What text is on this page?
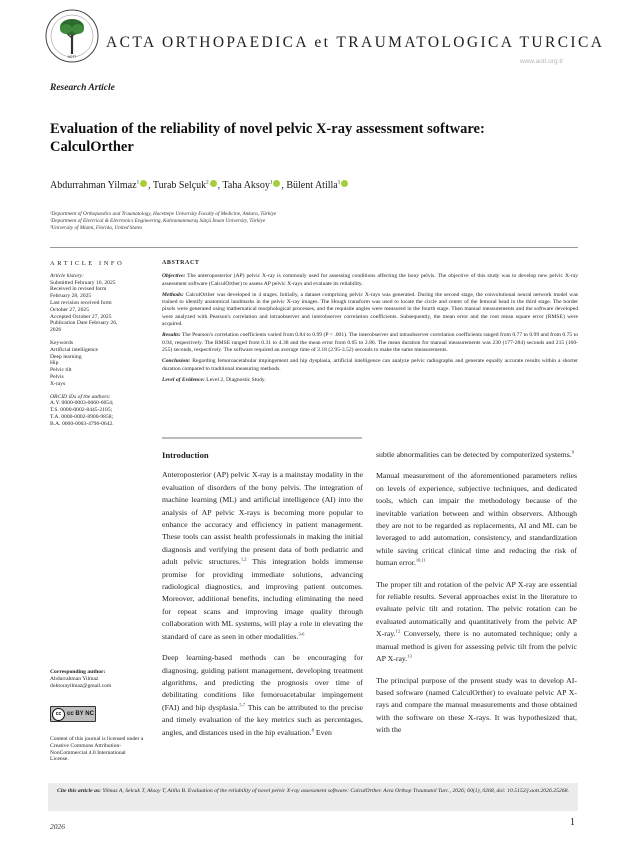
AOTT
ACTA ORTHOPAEDICA et TRAUMATOLOGICA TURCICA
www.aott.org.tr
Research Article
Evaluation of the reliability of novel pelvic X-ray assessment software: CalculOrther
Abdurrahman Yilmaz$^1$ , Turab Selçuk$^2$ , Taha Aksoy$^1$ , Bülent Atilla$^1$
¹Department of Orthopaedics and Traumatology, Hacettepe University Faculty of Medicine, Ankara, Türkiye
²Department of Electrical & Electronics Engineering, Kahramanmaraş Sütçü İmam University, Türkiye
³University of Miami, Florida, United States
ARTICLE INFO
Article history:
Submitted February 16, 2025
Received in revised form
February 28, 2025
Last revision received form
October 27, 2025
Accepted October 27, 2025
Publication Date February 26,
2026
Keywords
Artificial intelligence
Deep learning
Hip
Pelvic tilt
Pelvis
X-rays
ORCID iDs of the authors:
A.Y. 0000-0003-0060-6654;
T.S. 0000-0002-8445-2105;
T.A. 0000-0002-8900-9858;
B.A. 0000-0003-4796-0642.
Corresponding author:
Abdurrahman Yilmaz
doktorayilmaz@gmail.com
cc cc BY NC
Content of this journal is licensed under a Creative Commons Attribution-NonCommercial 4.0 International License.
ABSTRACT

Objective: The anteroposterior (AP) pelvic X-ray is commonly used for assessing conditions affecting the bony pelvis. The objective of this study was to develop new pelvic X-ray assessment software (CalculOrther) to assess AP pelvic X-rays and evaluate its reliability.

Methods: CalculOrther was developed in 4 stages. Initially, a dataset comprising pelvic X-rays was generated. During the second stage, the convolutional neural network model was trained to identify anatomical landmarks in the pelvic X-ray images. The Hough transform was used to locate the circle and center of the femoral head in the third stage. The border pixels were generated using mathematical morphological processes, and the requisite angles were measured in the fourth stage. Then manual measurements and the software developed were analyzed with Pearson's correlation and intraobserver and interobserver correlation coefficients. Subsequently, the mean error and the root mean square error (RMSE) were acquired.

Results: The Pearson's correlation coefficients varied from 0.84 to 0.99 (P < .001). The interobserver and intraobserver correlation coefficients ranged from 0.77 to 0.99 and from 0.75 to 0.94, respectively. The RMSE ranged from 0.31 to 4.38 and the mean error from 0.05 to 2.86. The mean duration for manual measurements was 230 (177-284) seconds and 215 (160-255) seconds, respectively. The software required an average time of 3.18 (2.95-3.52) seconds to make the same measurements.

Conclusion: Regarding femoroacetabular impingement and hip dysplasia, artificial intelligence can analyze pelvic radiographs and generate equally accurate results within a shorter duration compared to traditional measuring methods.

Level of Evidence: Level 2, Diagnostic Study.

Introduction

Anteroposterior (AP) pelvic X-ray is a mainstay modality in the evaluation of disorders of the bony pelvis. The integration of machine learning (ML) and artificial intelligence (AI) into the analysis of AP pelvic X-rays is becoming more popular to enhance the accuracy and efficiency in patient management. These tools can assist health professionals in making the initial diagnosis and verifying the present data of both pediatric and adult pelvic structures.$^{1,2}$ This integration holds immense promise for providing immediate solutions, advancing radiological diagnostics, and improving patient outcomes. Moreover, additional benefits, including eliminating the need for repeat scans and improving image quality through collaboration with ML systems, will play a role in elevating the standard of care as seen in other modalities.$^{3-6}$

Deep learning-based methods can be encouraging for diagnosing, guiding patient management, developing treatment algorithms, and predicting the prognosis over time of debilitating conditions like femoroacetabular impingement (FAI) and hip dysplasia.$^{5-7}$ This can be attributed to the precise and timely evaluation of the key metrics such as percentages, angles, and distances used in the hip evaluation.$^8$ Even

subtle abnormalities can be detected by computerized systems.$^9$

Manual measurement of the aforementioned parameters relies on levels of experience, subjective techniques, and dedicated tools, which can impair the methodology because of the inevitable variation between and within observers. Although they are not to be regarded as replacements, AI and ML can be leveraged to add automation, consistency, and standardization while saving critical clinical time and reducing the risk of human error.$^{10,11}$

The proper tilt and rotation of the pelvic AP X-ray are essential for reliable results. Several approaches exist in the literature to evaluate pelvic tilt and rotation. The pelvic rotation can be evaluated automatically and quantitatively from the pelvic AP X-ray.$^{12}$ Conversely, there is no automated technique; only a manual method is given for assessing pelvic tilt from the pelvic AP X-ray.$^{13}$

The principal purpose of the present study was to develop AI-based software (named CalculOrther) to evaluate pelvic AP X-rays and compare the manual measurements and those obtained with the software on these X-rays. It was hypothesized that, with the

Cite this article as: Yilmaz A, Selcuk T, Aksoy T, Atilla B. Evaluation of the reliability of novel pelvic X-ray assessment software: CalculOrther. Acta Orthop Traumatol Turc., 2026; 60(1), 0268, doi: 10.5152/j.aott.2026.25268.
2026	1
